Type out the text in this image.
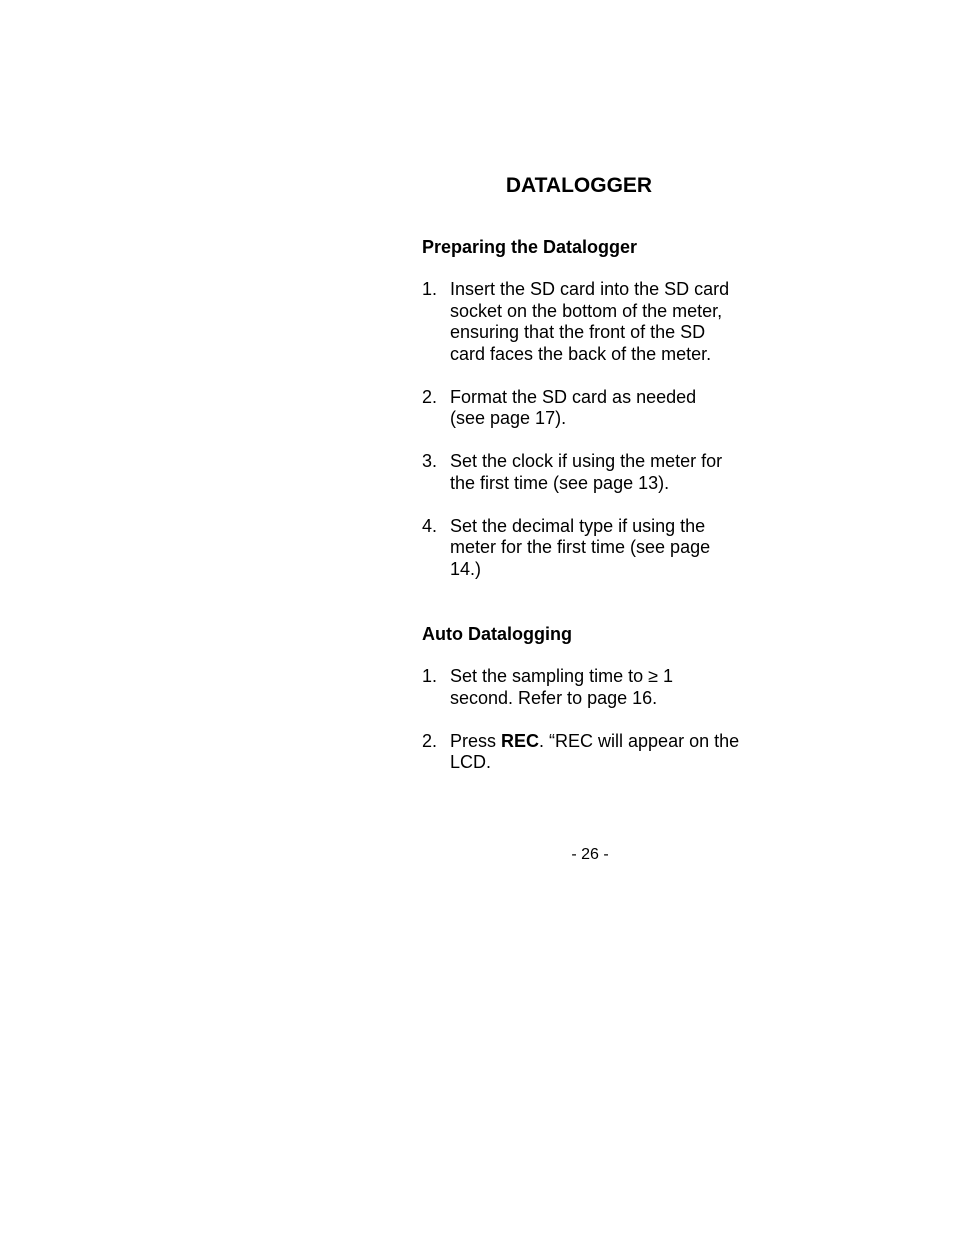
DATALOGGER
Preparing the Datalogger
1. Insert the SD card into the SD card socket on the bottom of the meter, ensuring that the front of the SD card faces the back of the meter.
2. Format the SD card as needed (see page 17).
3. Set the clock if using the meter for the first time (see page 13).
4. Set the decimal type if using the meter for the first time (see page 14.)
Auto Datalogging
1. Set the sampling time to ≥ 1 second. Refer to page 16.
2. Press REC. “REC will appear on the LCD.
- 26 -
